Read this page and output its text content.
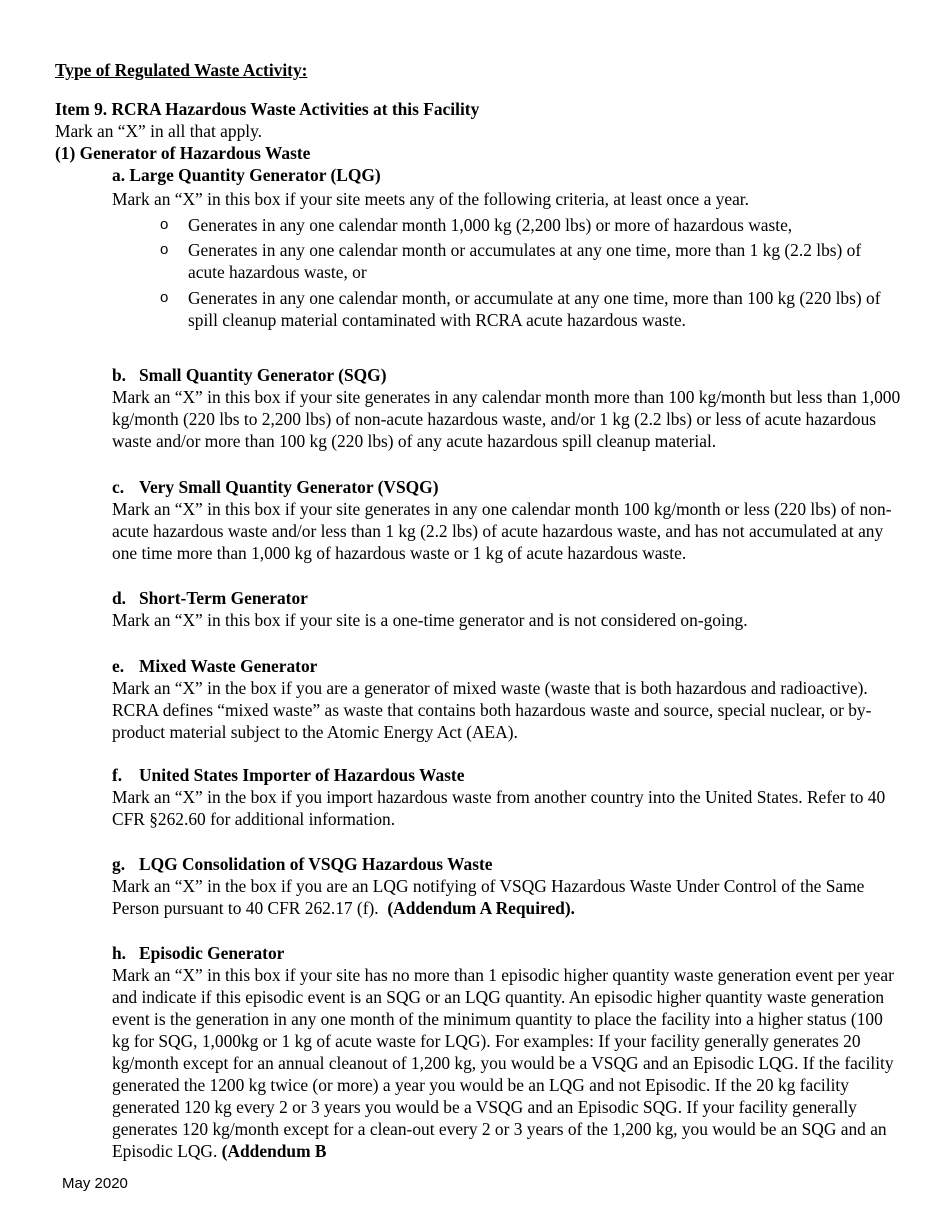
Type of Regulated Waste Activity:
Item 9. RCRA Hazardous Waste Activities at this Facility
Mark an “X” in all that apply.
(1) Generator of Hazardous Waste
a. Large Quantity Generator (LQG)
Mark an “X” in this box if your site meets any of the following criteria, at least once a year.
o Generates in any one calendar month 1,000 kg (2,200 lbs) or more of hazardous waste,
o Generates in any one calendar month or accumulates at any one time, more than 1 kg (2.2 lbs) of acute hazardous waste, or
o Generates in any one calendar month, or accumulate at any one time, more than 100 kg (220 lbs) of spill cleanup material contaminated with RCRA acute hazardous waste.
b. Small Quantity Generator (SQG)
Mark an “X” in this box if your site generates in any calendar month more than 100 kg/month but less than 1,000 kg/month (220 lbs to 2,200 lbs) of non-acute hazardous waste, and/or 1 kg (2.2 lbs) or less of acute hazardous waste and/or more than 100 kg (220 lbs) of any acute hazardous spill cleanup material.
c. Very Small Quantity Generator (VSQG)
Mark an “X” in this box if your site generates in any one calendar month 100 kg/month or less (220 lbs) of non-acute hazardous waste and/or less than 1 kg (2.2 lbs) of acute hazardous waste, and has not accumulated at any one time more than 1,000 kg of hazardous waste or 1 kg of acute hazardous waste.
d. Short-Term Generator
Mark an “X” in this box if your site is a one-time generator and is not considered on-going.
e. Mixed Waste Generator
Mark an “X” in the box if you are a generator of mixed waste (waste that is both hazardous and radioactive).  RCRA defines “mixed waste” as waste that contains both hazardous waste and source, special nuclear, or by-product material subject to the Atomic Energy Act (AEA).
f. United States Importer of Hazardous Waste
Mark an “X” in the box if you import hazardous waste from another country into the United States. Refer to 40 CFR §262.60 for additional information.
g. LQG Consolidation of VSQG Hazardous Waste
Mark an “X” in the box if you are an LQG notifying of VSQG Hazardous Waste Under Control of the Same Person pursuant to 40 CFR 262.17 (f). (Addendum A Required).
h. Episodic Generator
Mark an “X” in this box if your site has no more than 1 episodic higher quantity waste generation event per year and indicate if this episodic event is an SQG or an LQG quantity. An episodic higher quantity waste generation event is the generation in any one month of the minimum quantity to place the facility into a higher status (100 kg for SQG, 1,000kg or 1 kg of acute waste for LQG). For examples: If your facility generally generates 20 kg/month except for an annual cleanout of 1,200 kg, you would be a VSQG and an Episodic LQG. If the facility generated the 1200 kg twice (or more) a year you would be an LQG and not Episodic. If the 20 kg facility generated 120 kg every 2 or 3 years you would be a VSQG and an Episodic SQG. If your facility generally generates 120 kg/month except for a clean-out every 2 or 3 years of the 1,200 kg, you would be an SQG and an Episodic LQG. (Addendum B
May 2020
